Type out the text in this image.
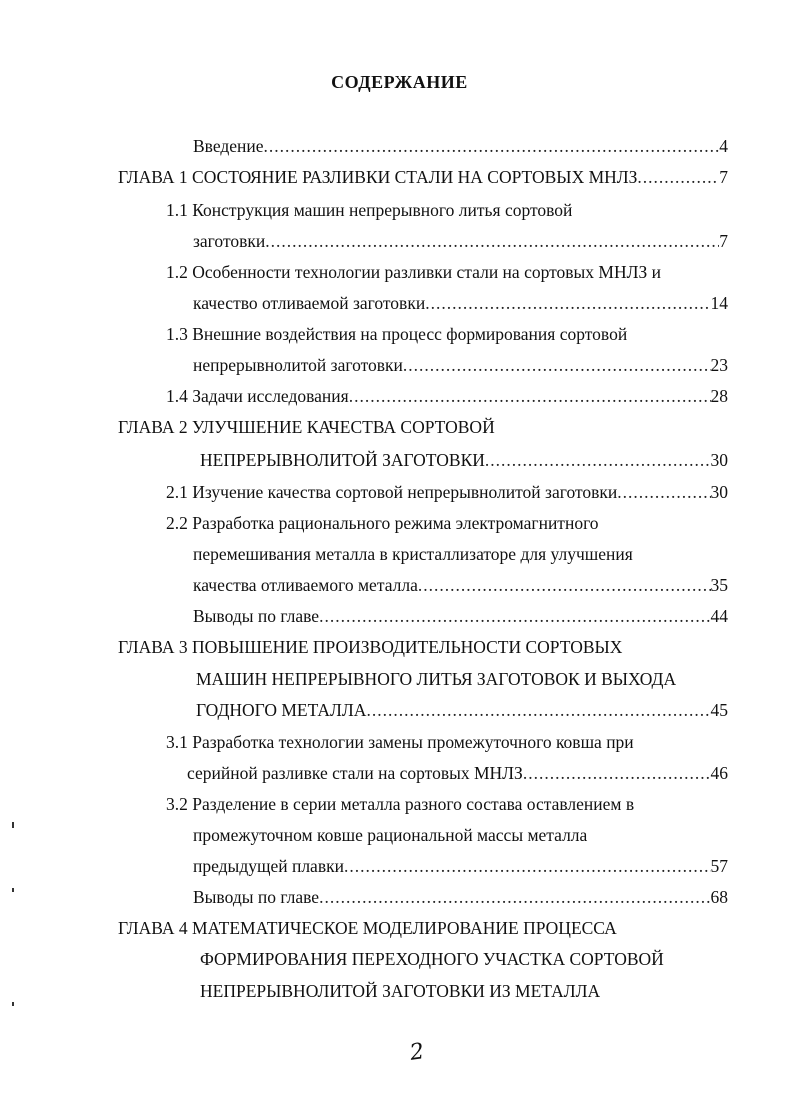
СОДЕРЖАНИЕ
Введение .....	4
ГЛАВА 1 СОСТОЯНИЕ РАЗЛИВКИ СТАЛИ НА СОРТОВЫХ МНЛЗ .....	7
1.1 Конструкция машин непрерывного литья сортовой
заготовки .....	7
1.2 Особенности технологии разливки стали на сортовых МНЛЗ и
качество отливаемой заготовки .....	14
1.3 Внешние воздействия на процесс формирования сортовой
непрерывнолитой заготовки .....	23
1.4 Задачи исследования .....	28
ГЛАВА 2 УЛУЧШЕНИЕ КАЧЕСТВА СОРТОВОЙ
НЕПРЕРЫВНОЛИТОЙ ЗАГОТОВКИ .....	30
2.1 Изучение качества сортовой непрерывнолитой заготовки .....	30
2.2 Разработка рационального режима электромагнитного
перемешивания металла в кристаллизаторе для улучшения
качества отливаемого металла .....	35
Выводы по главе .....	44
ГЛАВА 3 ПОВЫШЕНИЕ ПРОИЗВОДИТЕЛЬНОСТИ СОРТОВЫХ
МАШИН НЕПРЕРЫВНОГО ЛИТЬЯ ЗАГОТОВОК И ВЫХОДА
ГОДНОГО МЕТАЛЛА .....	45
3.1 Разработка технологии замены промежуточного ковша при
серийной разливке стали на сортовых МНЛЗ .....	46
3.2 Разделение в серии металла разного состава оставлением в
промежуточном ковше рациональной массы металла
предыдущей плавки .....	57
Выводы по главе .....	68
ГЛАВА 4 МАТЕМАТИЧЕСКОЕ МОДЕЛИРОВАНИЕ ПРОЦЕССА
ФОРМИРОВАНИЯ ПЕРЕХОДНОГО УЧАСТКА СОРТОВОЙ
НЕПРЕРЫВНОЛИТОЙ ЗАГОТОВКИ ИЗ МЕТАЛЛА
2
